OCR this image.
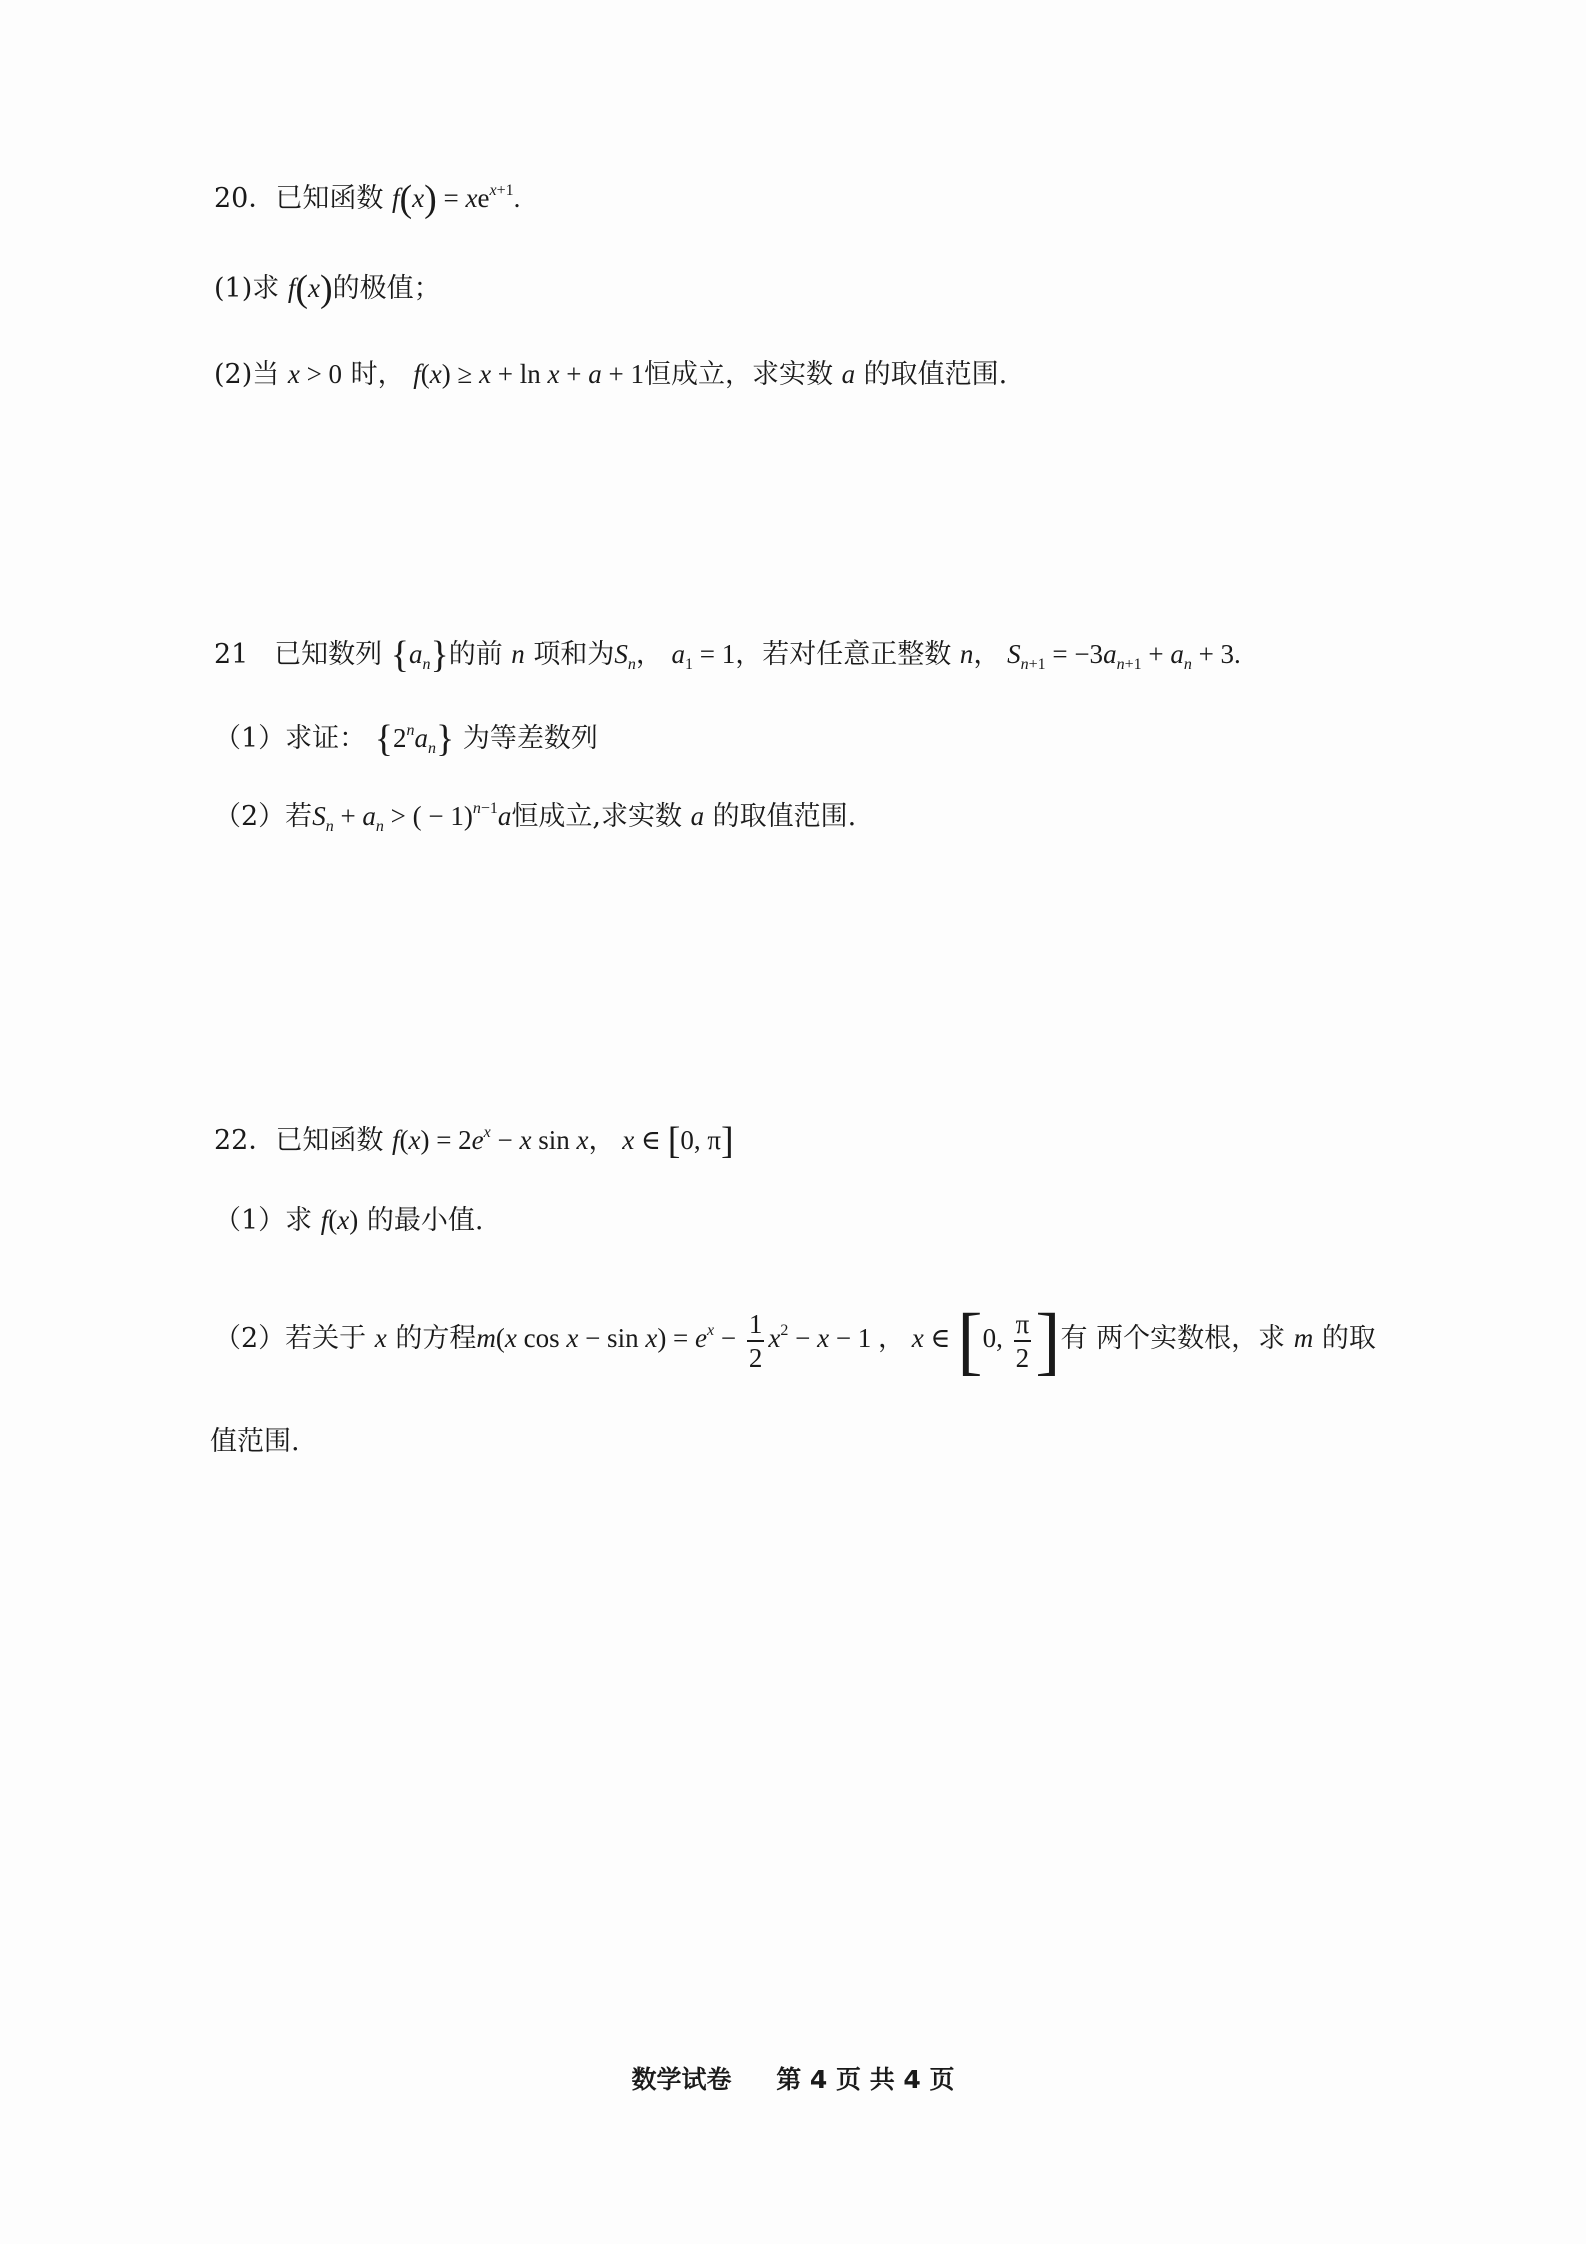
20．已知函数 $f(x) = xe^{x+1}$.
(1)求 f(x)的极值；
(2)当 x > 0 时， f(x) ≥ x + ln x + a + 1恒成立，求实数 a 的取值范围.
21 已知数列 $\{a_n\}$的前 n 项和为$S_n$， $a_1 = 1$，若对任意正整数 n， $S_{n+1} = -3a_{n+1} + a_n + 3$.
（1）求证： $\{2^na_n\}$ 为等差数列
（2）若$S_n + a_n$ > ( − 1)$^{n-1}$a恒成立,求实数 a 的取值范围.
22．已知函数 $f(x) = 2e^x - x$ sin x， x ∈ [0, π]
（1）求 f(x) 的最小值.
（2）若关于 x 的方程m(x $\cos x - \sin x) = e^x - \frac{1}{2} x^2 - x - 1$ ， x ∈ [0, $\frac{\pi}{2}$ ]有 两个实数根，求 m 的取
值范围.
数学试卷 第 4 页 共 4 页
